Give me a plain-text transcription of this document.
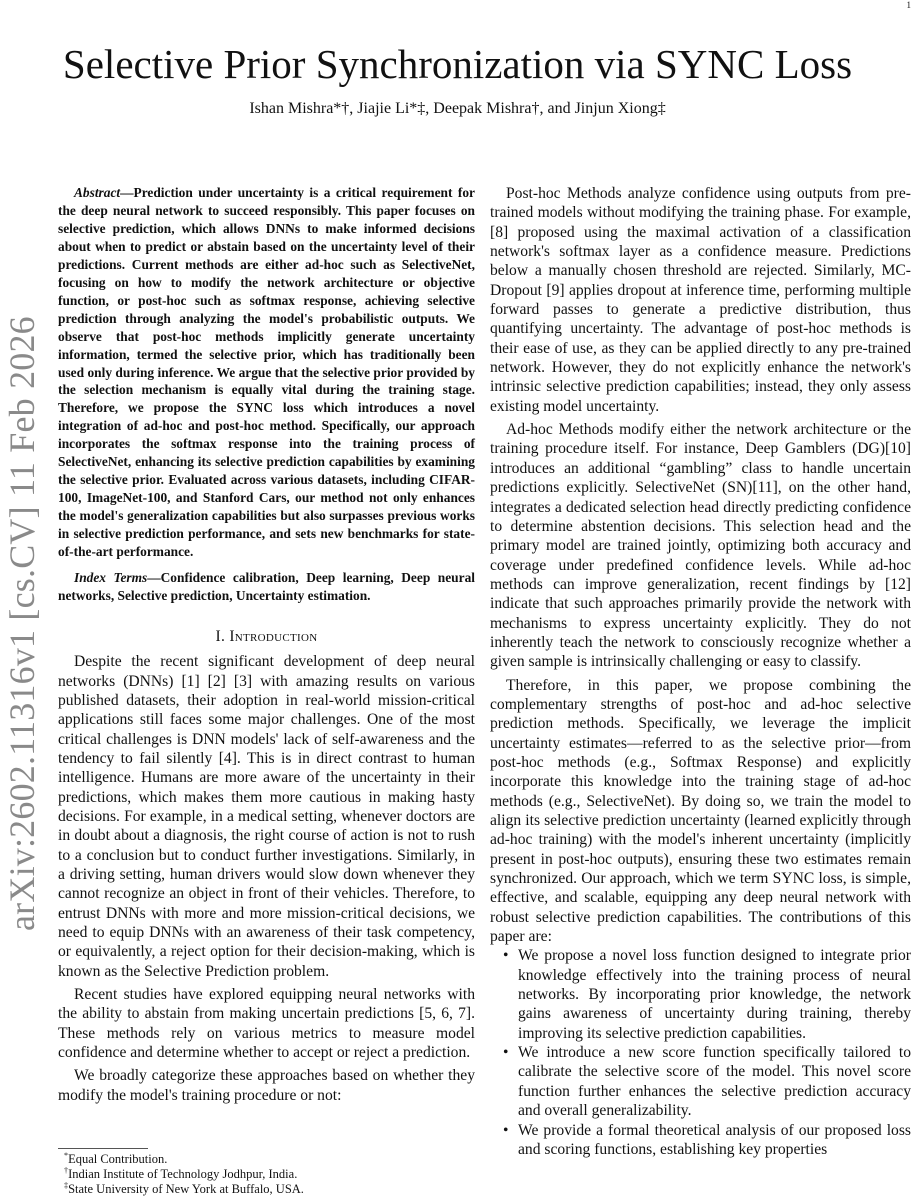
1
arXiv:2602.11316v1 [cs.CV] 11 Feb 2026
Selective Prior Synchronization via SYNC Loss
Ishan Mishra*†, Jiajie Li*‡, Deepak Mishra†, and Jinjun Xiong‡
Abstract—Prediction under uncertainty is a critical requirement for the deep neural network to succeed responsibly. This paper focuses on selective prediction, which allows DNNs to make informed decisions about when to predict or abstain based on the uncertainty level of their predictions. Current methods are either ad-hoc such as SelectiveNet, focusing on how to modify the network architecture or objective function, or post-hoc such as softmax response, achieving selective prediction through analyzing the model's probabilistic outputs. We observe that post-hoc methods implicitly generate uncertainty information, termed the selective prior, which has traditionally been used only during inference. We argue that the selective prior provided by the selection mechanism is equally vital during the training stage. Therefore, we propose the SYNC loss which introduces a novel integration of ad-hoc and post-hoc method. Specifically, our approach incorporates the softmax response into the training process of SelectiveNet, enhancing its selective prediction capabilities by examining the selective prior. Evaluated across various datasets, including CIFAR-100, ImageNet-100, and Stanford Cars, our method not only enhances the model's generalization capabilities but also surpasses previous works in selective prediction performance, and sets new benchmarks for state-of-the-art performance.
Index Terms—Confidence calibration, Deep learning, Deep neural networks, Selective prediction, Uncertainty estimation.
I. Introduction

Despite the recent significant development of deep neural networks (DNNs) [1] [2] [3] with amazing results on various published datasets, their adoption in real-world mission-critical applications still faces some major challenges. One of the most critical challenges is DNN models' lack of self-awareness and the tendency to fail silently [4]. This is in direct contrast to human intelligence. Humans are more aware of the uncertainty in their predictions, which makes them more cautious in making hasty decisions. For example, in a medical setting, whenever doctors are in doubt about a diagnosis, the right course of action is not to rush to a conclusion but to conduct further investigations. Similarly, in a driving setting, human drivers would slow down whenever they cannot recognize an object in front of their vehicles. Therefore, to entrust DNNs with more and more mission-critical decisions, we need to equip DNNs with an awareness of their task competency, or equivalently, a reject option for their decision-making, which is known as the Selective Prediction problem.

Recent studies have explored equipping neural networks with the ability to abstain from making uncertain predictions [5, 6, 7]. These methods rely on various metrics to measure model confidence and determine whether to accept or reject a prediction.

We broadly categorize these approaches based on whether they modify the model's training procedure or not:

Post-hoc Methods analyze confidence using outputs from pre-trained models without modifying the training phase. For example, [8] proposed using the maximal activation of a classification network's softmax layer as a confidence measure. Predictions below a manually chosen threshold are rejected. Similarly, MC-Dropout [9] applies dropout at inference time, performing multiple forward passes to generate a predictive distribution, thus quantifying uncertainty. The advantage of post-hoc methods is their ease of use, as they can be applied directly to any pre-trained network. However, they do not explicitly enhance the network's intrinsic selective prediction capabilities; instead, they only assess existing model uncertainty.

Ad-hoc Methods modify either the network architecture or the training procedure itself. For instance, Deep Gamblers (DG)[10] introduces an additional “gambling” class to handle uncertain predictions explicitly. SelectiveNet (SN)[11], on the other hand, integrates a dedicated selection head directly predicting confidence to determine abstention decisions. This selection head and the primary model are trained jointly, optimizing both accuracy and coverage under predefined confidence levels. While ad-hoc methods can improve generalization, recent findings by [12] indicate that such approaches primarily provide the network with mechanisms to express uncertainty explicitly. They do not inherently teach the network to consciously recognize whether a given sample is intrinsically challenging or easy to classify.

Therefore, in this paper, we propose combining the complementary strengths of post-hoc and ad-hoc selective prediction methods. Specifically, we leverage the implicit uncertainty estimates—referred to as the selective prior—from post-hoc methods (e.g., Softmax Response) and explicitly incorporate this knowledge into the training stage of ad-hoc methods (e.g., SelectiveNet). By doing so, we train the model to align its selective prediction uncertainty (learned explicitly through ad-hoc training) with the model's inherent uncertainty (implicitly present in post-hoc outputs), ensuring these two estimates remain synchronized. Our approach, which we term SYNC loss, is simple, effective, and scalable, equipping any deep neural network with robust selective prediction capabilities. The contributions of this paper are:

• We propose a novel loss function designed to integrate prior knowledge effectively into the training process of neural networks. By incorporating prior knowledge, the network gains awareness of uncertainty during training, thereby improving its selective prediction capabilities.
• We introduce a new score function specifically tailored to calibrate the selective score of the model. This novel score function further enhances the selective prediction accuracy and overall generalizability.
• We provide a formal theoretical analysis of our proposed loss and scoring functions, establishing key properties
*Equal Contribution.
†Indian Institute of Technology Jodhpur, India.
‡State University of New York at Buffalo, USA.
